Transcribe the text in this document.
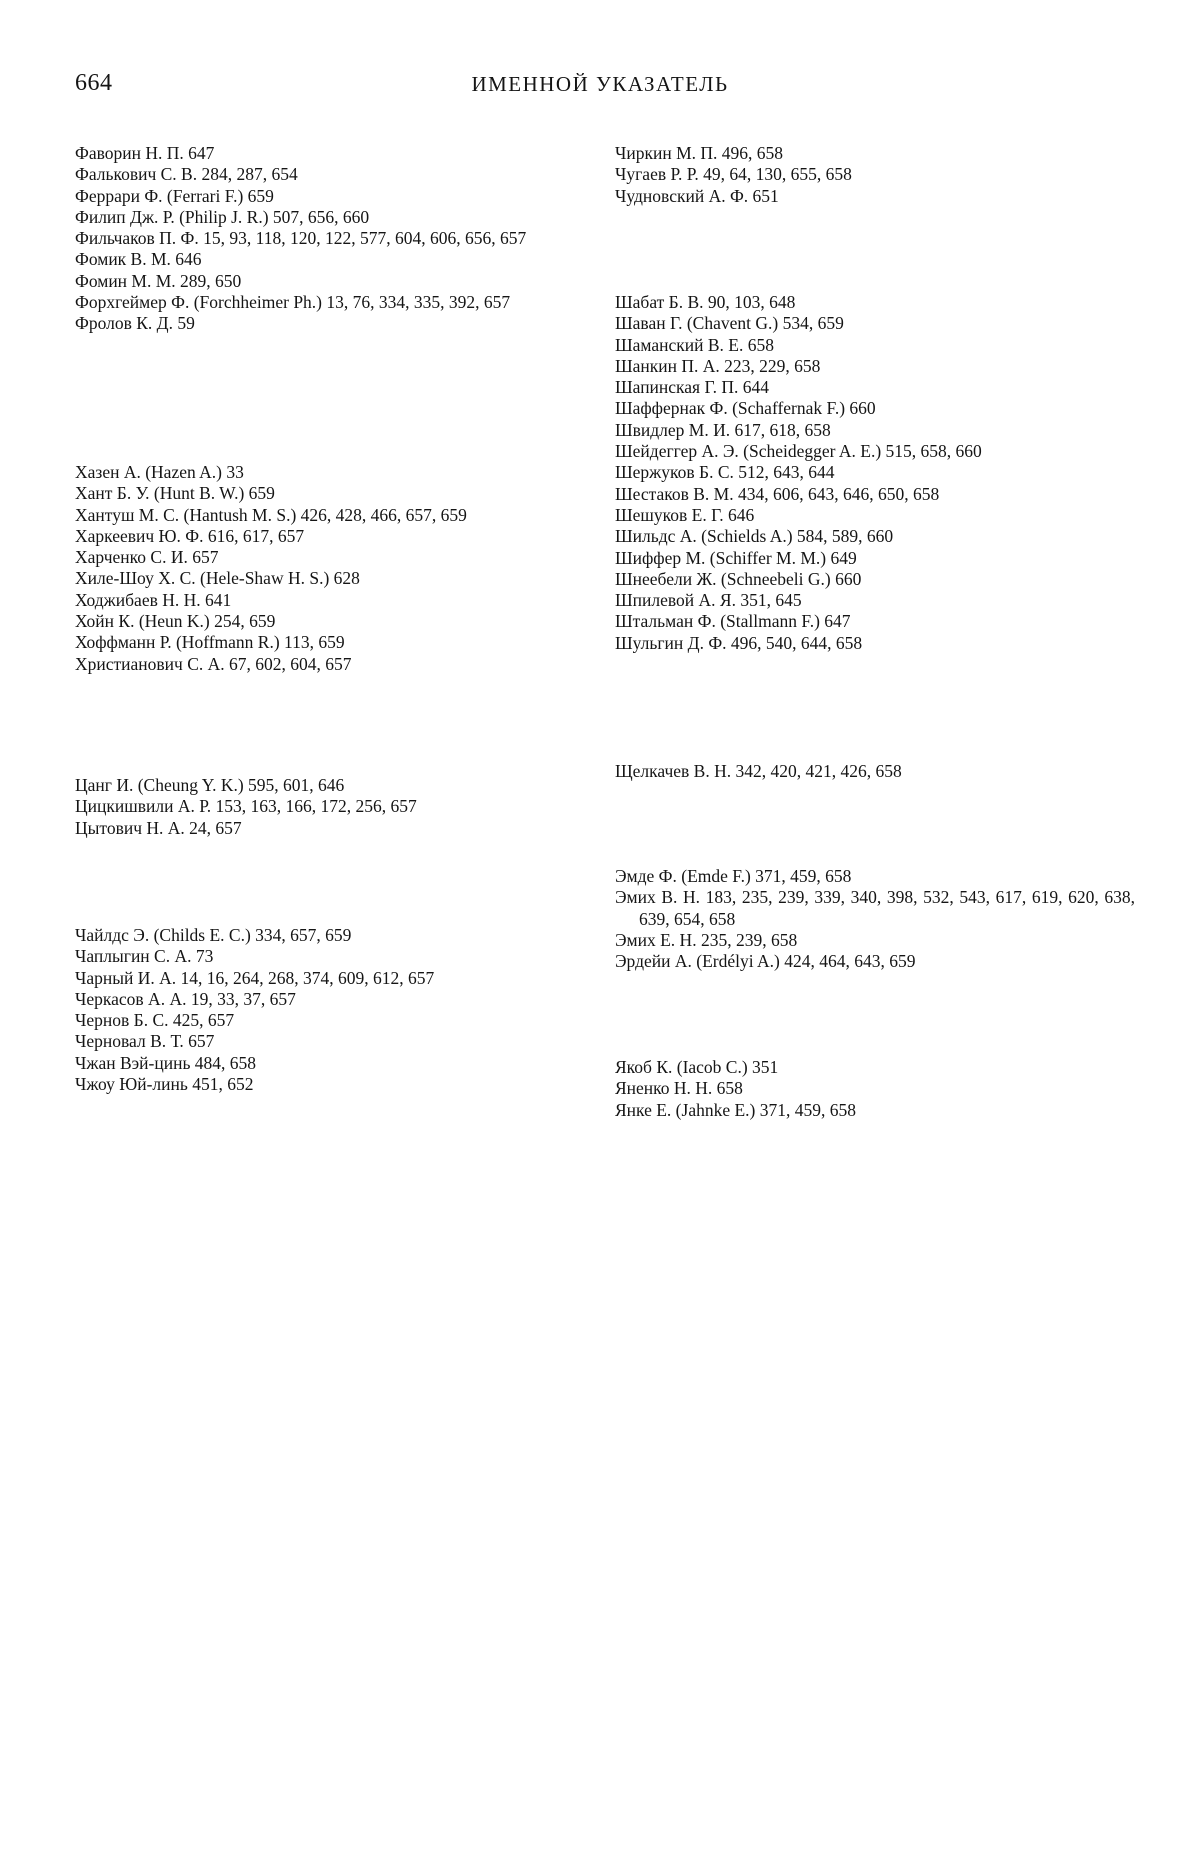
664	ИМЕННОЙ УКАЗАТЕЛЬ
Фаворин Н. П. 647
Фалькович С. В. 284, 287, 654
Феррари Ф. (Ferrari F.) 659
Филип Дж. Р. (Philip J. R.) 507, 656, 660
Фильчаков П. Ф. 15, 93, 118, 120, 122, 577, 604, 606, 656, 657
Фомик В. М. 646
Фомин М. М. 289, 650
Форхгеймер Ф. (Forchheimer Ph.) 13, 76, 334, 335, 392, 657
Фролов К. Д. 59
Хазен А. (Hazen A.) 33
Хант Б. У. (Hunt B. W.) 659
Хантуш М. С. (Hantush M. S.) 426, 428, 466, 657, 659
Харкеевич Ю. Ф. 616, 617, 657
Харченко С. И. 657
Хиле-Шоу Х. С. (Hele-Shaw H. S.) 628
Ходжибаев Н. Н. 641
Хойн К. (Heun K.) 254, 659
Хоффманн Р. (Hoffmann R.) 113, 659
Христианович С. А. 67, 602, 604, 657
Цанг И. (Cheung Y. K.) 595, 601, 646
Цицкишвили А. Р. 153, 163, 166, 172, 256, 657
Цытович Н. А. 24, 657
Чайлдс Э. (Childs E. C.) 334, 657, 659
Чаплыгин С. А. 73
Чарный И. А. 14, 16, 264, 268, 374, 609, 612, 657
Черкасов А. А. 19, 33, 37, 657
Чернов Б. С. 425, 657
Черновал В. Т. 657
Чжан Вэй-цинь 484, 658
Чжоу Юй-линь 451, 652
Чиркин М. П. 496, 658
Чугаев Р. Р. 49, 64, 130, 655, 658
Чудновский А. Ф. 651
Шабат Б. В. 90, 103, 648
Шаван Г. (Chavent G.) 534, 659
Шаманский В. Е. 658
Шанкин П. А. 223, 229, 658
Шапинская Г. П. 644
Шаффернак Ф. (Schaffernak F.) 660
Швидлер М. И. 617, 618, 658
Шейдеггер А. Э. (Scheidegger A. E.) 515, 658, 660
Шержуков Б. С. 512, 643, 644
Шестаков В. М. 434, 606, 643, 646, 650, 658
Шешуков Е. Г. 646
Шильдс А. (Schields A.) 584, 589, 660
Шиффер М. (Schiffer M. M.) 649
Шнеебели Ж. (Schneebeli G.) 660
Шпилевой А. Я. 351, 645
Штальман Ф. (Stallmann F.) 647
Шульгин Д. Ф. 496, 540, 644, 658
Щелкачев В. Н. 342, 420, 421, 426, 658
Эмде Ф. (Emde F.) 371, 459, 658
Эмих В. Н. 183, 235, 239, 339, 340, 398, 532, 543, 617, 619, 620, 638, 639, 654, 658
Эмих Е. Н. 235, 239, 658
Эрдейи А. (Erdélyi A.) 424, 464, 643, 659
Якоб К. (Iacob C.) 351
Яненко Н. Н. 658
Янке Е. (Jahnke E.) 371, 459, 658
